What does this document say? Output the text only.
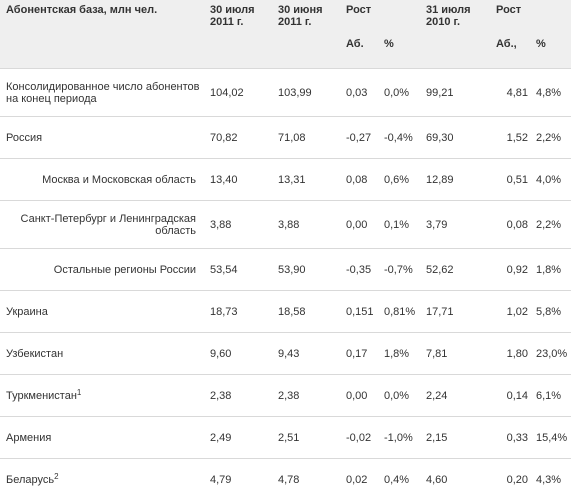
Абонентская база, млн чел.	30 июля 2011 г.	30 июня 2011 г.	Рост		31 июля 2010 г.	Рост	
			Аб.	%		Аб.,	%
Консолидированное число абонентов на конец периода	104,02	103,99	0,03	0,0%	99,21	4,81	4,8%
Россия	70,82	71,08	-0,27	-0,4%	69,30	1,52	2,2%
Москва и Московская область	13,40	13,31	0,08	0,6%	12,89	0,51	4,0%
Санкт-Петербург и Ленинградская область	3,88	3,88	0,00	0,1%	3,79	0,08	2,2%
Остальные регионы России	53,54	53,90	-0,35	-0,7%	52,62	0,92	1,8%
Украина	18,73	18,58	0,151	0,81%	17,71	1,02	5,8%
Узбекистан	9,60	9,43	0,17	1,8%	7,81	1,80	23,0%
Туркменистан$^1$	2,38	2,38	0,00	0,0%	2,24	0,14	6,1%
Армения	2,49	2,51	-0,02	-1,0%	2,15	0,33	15,4%
Беларусь$^2$	4,79	4,78	0,02	0,4%	4,60	0,20	4,3%
